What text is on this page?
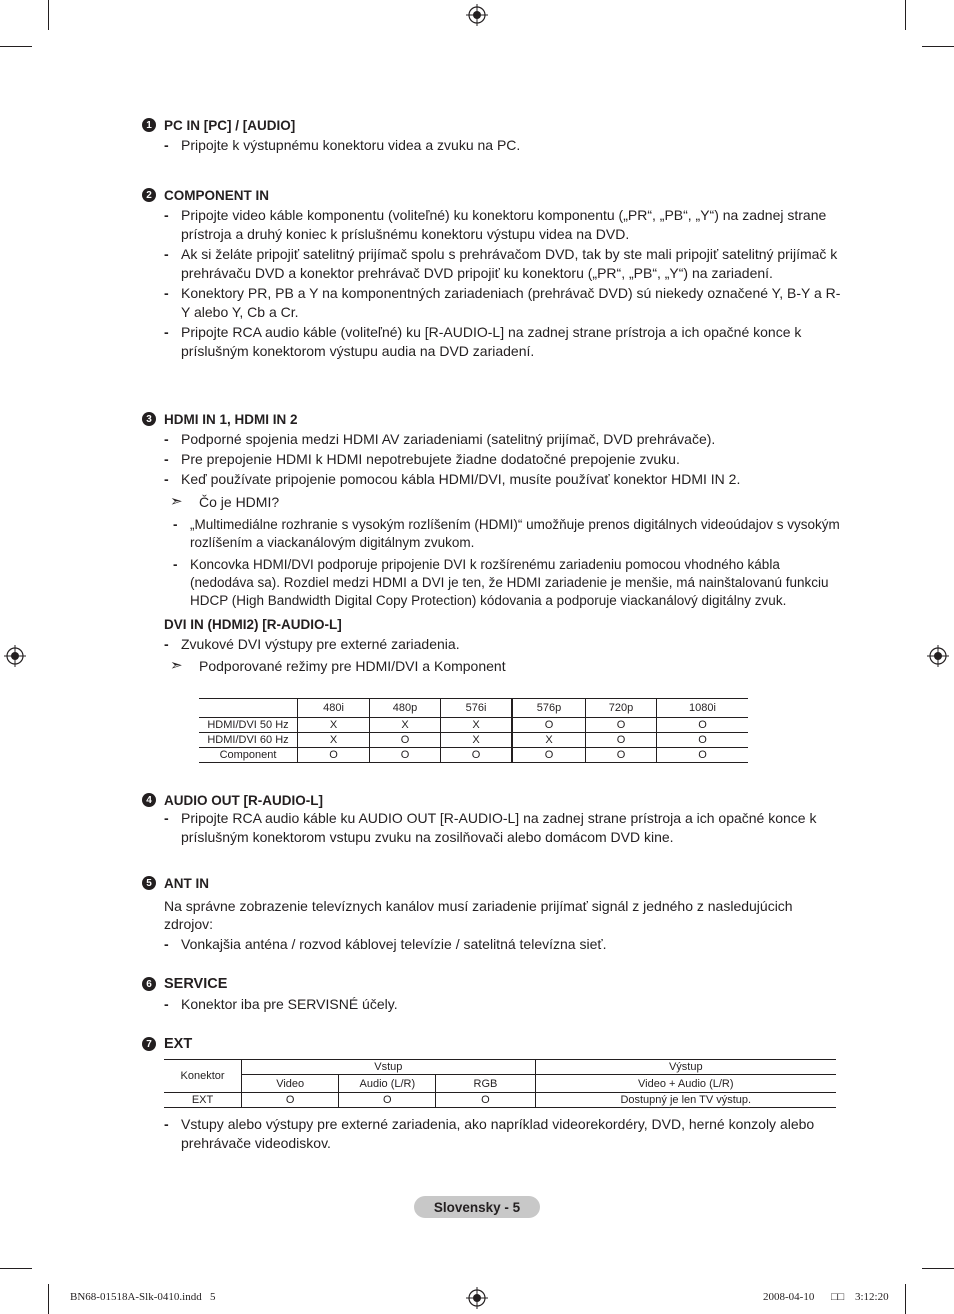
1 PC IN [PC] / [AUDIO]
- Pripojte k výstupnému konektoru videa a zvuku na PC.
2 COMPONENT IN
- Pripojte video káble komponentu (voliteľné) ku konektoru komponentu („PR“, „PB“, „Y“) na zadnej strane prístroja a druhý koniec k príslušnému konektoru výstupu videa na DVD.
- Ak si želáte pripojiť satelitný prijímač spolu s prehrávačom DVD, tak by ste mali pripojiť satelitný prijímač k prehrávaču DVD a konektor prehrávač DVD pripojiť ku konektoru („PR“, „PB“, „Y“) na zariadení.
- Konektory PR, PB a Y na komponentných zariadeniach (prehrávač DVD) sú niekedy označené Y, B-Y a R-Y alebo Y, Cb a Cr.
- Pripojte RCA audio káble (voliteľné) ku [R-AUDIO-L] na zadnej strane prístroja a ich opačné konce k príslušným konektorom výstupu audia na DVD zariadení.
3 HDMI IN 1, HDMI IN 2
- Podporné spojenia medzi HDMI AV zariadeniami (satelitný prijímač, DVD prehrávače).
- Pre prepojenie HDMI k HDMI nepotrebujete žiadne dodatočné prepojenie zvuku.
- Keď používate pripojenie pomocou kábla HDMI/DVI, musíte používať konektor HDMI IN 2.
➣ Čo je HDMI?
- „Multimediálne rozhranie s vysokým rozlíšením (HDMI)“ umožňuje prenos digitálnych videoúdajov s vysokým rozlíšením a viackanálovým digitálnym zvukom.
- Koncovka HDMI/DVI podporuje pripojenie DVI k rozšírenému zariadeniu pomocou vhodného kábla (nedodáva sa). Rozdiel medzi HDMI a DVI je ten, že HDMI zariadenie je menšie, má nainštalovanú funkciu HDCP (High Bandwidth Digital Copy Protection) kódovania a podporuje viackanálový digitálny zvuk.
DVI IN (HDMI2) [R-AUDIO-L]
- Zvukové DVI výstupy pre externé zariadenia.
➣ Podporované režimy pre HDMI/DVI a Komponent
	480i	480p	576i	576p	720p	1080i
HDMI/DVI 50 Hz	X	X	X	O	O	O
HDMI/DVI 60 Hz	X	O	X	X	O	O
Component	O	O	O	O	O	O
4 AUDIO OUT [R-AUDIO-L]
- Pripojte RCA audio káble ku AUDIO OUT [R-AUDIO-L] na zadnej strane prístroja a ich opačné konce k príslušným konektorom vstupu zvuku na zosilňovači alebo domácom DVD kine.
5 ANT IN
Na správne zobrazenie televíznych kanálov musí zariadenie prijímať signál z jedného z nasledujúcich zdrojov:
- Vonkajšia anténa / rozvod káblovej televízie / satelitná televízna sieť.
6 SERVICE
- Konektor iba pre SERVISNÉ účely.
7 EXT
Konektor	Vstup			Výstup
	Video	Audio (L/R)	RGB	Video + Audio (L/R)
EXT	O	O	O	Dostupný je len TV výstup.
- Vstupy alebo výstupy pre externé zariadenia, ako napríklad videorekordéry, DVD, herné konzoly alebo prehrávače videodiskov.
Slovensky - 5
BN68-01518A-Slk-0410.indd   5	2008-04-10 □□ 3:12:20
